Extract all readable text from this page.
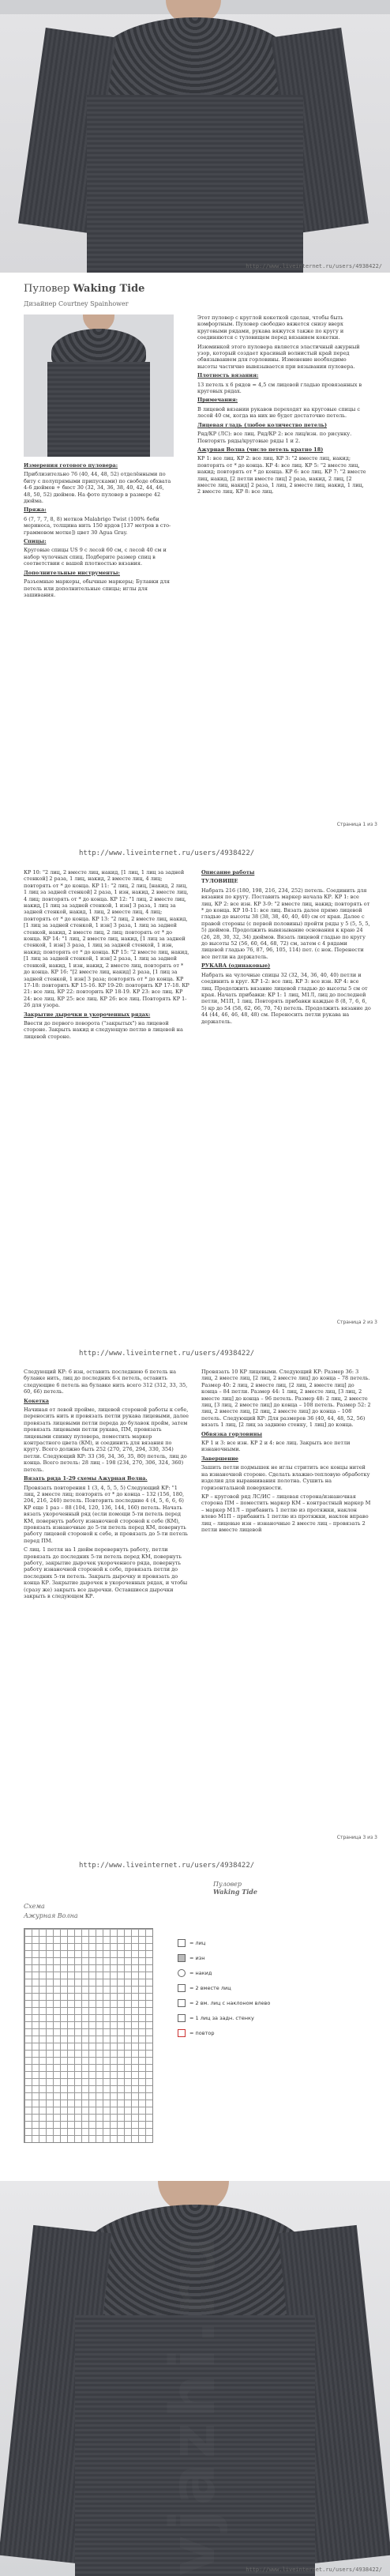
http://www.liveinternet.ru/users/4938422/
Пуловер Waking Tide
Дизайнер Courtney Spainhower

Измерения готового пуловера:

Приблизительно 76 (40, 44, 48, 52) отделёнными по биту с полупрямыми припусками) по свободе обхвата 4-6 дюймов + бюст 30 (32, 34, 36, 38, 40, 42, 44, 46, 48, 50, 52) дюймов. На фото пуловер в размере 42 дюйма.

Пряжа:

6 (7, 7, 7, 8, 8) мотков Malabrigo Twist (100% беби мериноса, толщина нить 150 ярдов [137 метров в сто-граммовом мотке]) цвет 30 Agua Gray.

Спицы:

Круговые спицы US 9 с лесой 60 см, с лесой 40 см и набор чулочных спиц. Подберите размер спиц в соответствии с вашей плотностью вязания.

Дополнительные инструменты:

Разъемные маркеры, обычные маркеры; Булавки для петель или дополнительные спицы; иглы для зашивания.

Этот пуловер с круглой кокеткой сделан, чтобы быть комфортным. Пуловер свободно вяжется снизу вверх круговыми рядами, рукава вяжутся также по кругу и соединяются с туловищем перед вязанием кокетки.

Изюминкой этого пуловера является эластичный ажурный узор, который создает красивый волнистый край перед обвязыванием для горловины. Изменение необходимо высоты частично вывязывается при вязывании пуловера.

Плотность вязания:

13 петель х 6 рядов = 4,5 см лицевой гладью провязанных в круговых рядах.

Примечания:

В лицевой вязании рукавов переходят на круговые спицы с лесой 40 см, когда на них не будет достаточно петель.

Лицевая гладь (любое количество петель)

Ряд/КР (ЛС): все лиц. Ряд/КР 2: все лиц/изн. по рисунку. Повторять ряды/круговые ряды 1 и 2.

Ажурная Волна (число петель кратно 18)

КР 1: все лиц. КР 2: все лиц. КР 3: "2 вместе лиц, накид; повторять от * до конца. КР 4: все лиц. КР 5: "2 вместе лиц, накид; повторять от * до конца. КР 6: все лиц. КР 7: "2 вместе лиц, накид, [2 петли вместе лиц] 2 раза, накид, 2 лиц, [2 вместе лиц, накид] 2 раза, 1 лиц, 2 вместе лиц, накид, 1 лиц, 2 вместе лиц. КР 8: все лиц.

Страница 1 из 3
http://www.liveinternet.ru/users/4938422/

КР 10: "2 лиц, 2 вместе лиц, накид, [1 лиц, 1 лиц за задней стенкой] 2 раза, 1 лиц, накид, 2 вместе лиц, 4 лиц; повторять от * до конца. КР 11: "2 лиц, 2 лиц, [накид, 2 лиц, 1 лиц за задней стенкой] 2 раза, 1 изн, накид, 2 вместе лиц, 4 лиц; повторять от * до конца. КР 12: "1 лиц, 2 вместе лиц, накид, [1 лиц за задней стенкой, 1 изн] 3 раза, 1 лиц за задней стенкой, накид, 1 лиц, 2 вместе лиц, 4 лиц; повторять от * до конца. КР 13: "2 лиц, 2 вместе лиц, накид, [1 лиц за задней стенкой, 1 изн] 3 раза, 1 лиц за задней стенкой, накид, 2 вместе лиц, 2 лиц; повторять от * до конца. КР 14: "1 лиц, 2 вместе лиц, накид, [1 лиц за задней стенкой, 1 изн] 3 раза, 1 лиц за задней стенкой, 1 изн, накид; повторять от * до конца. КР 15: "2 вместе лиц, накид, [1 лиц за задней стенкой, 1 изн] 2 раза, 1 лиц за задней стенкой, накид, 1 изн, накид, 2 вместе лиц, повторять от * до конца. КР 16: "[2 вместе лиц, накид] 2 раза, [1 лиц за задней стенкой, 1 изн] 3 раза; повторять от * до конца. КР 17-18: повторить КР 15-16. КР 19-20: повторить КР 17-18. КР 21: все лиц. КР 22: повторить КР 18-19. КР 23: все лиц. КР 24: все лиц. КР 25: все лиц. КР 26: все лиц. Повторять КР 1-26 для узора.

Закрытие дырочки в укороченных рядах:

Ввести до первого поворота ("закрытых") на лицевой стороне. Закрыть накид и следующую петлю в лицевой на лицевой стороне.

Описание работы

ТУЛОВИЩЕ

Набрать 216 (180, 198, 216, 234, 252) петель. Соединить для вязания по кругу. Поставить маркер начала КР. КР 1: все лиц. КР 2: все изн. КР 3-9: "2 вместе лиц, накид; повторять от * до конца. КР 10-11: все лиц. Вязать далее прямо лицевой гладью до высоты 38 (38, 38, 40, 40, 40) см от края. Далее с правой стороны (с первой половины) пройти ряды у 5 (5, 5, 5, 5) дюймов. Продолжить вывязывание основания к краю 24 (26, 28, 30, 32, 34) дюймов. Вязать лицевой гладью по кругу до высоты 52 (56, 60, 64, 68, 72) см, затем с 4 рядами лицевой гладью 76, 87, 96, 105, 114) пет. (с нок. Перенести все петли на держатель.

РУКАВА (одинаковые)

Набрать на чулочные спицы 32 (32, 34, 36, 40, 40) петли и соединить в круг. КР 1-2: все лиц. КР 3: все изн. КР 4: все лиц. Продолжить вязание лицевой гладью до высоты 5 см от края. Начать прибавки: КР 1: 1 лиц, М1Л, лиц до последней петли, М1П, 1 лиц. Повторять прибавки каждые 8 (8, 7, 6, 6, 5) кр до 54 (58, 62, 66, 70, 74) петель. Продолжить вязание до 44 (44, 46, 46, 48, 48) см. Переносить петли рукава на держатель.

Страница 2 из 3
http://www.liveinternet.ru/users/4938422/

Следующий КР: 6 изн, оставить последнюю 6 петель на булавке нить, лиц до последних 6-х петель, оставить следующие 6 петель на булавке нить всего 312 (312, 33, 35, 60, 66) петель.

Кокетка

Начиная от левой пройме, лицевой стороной работы к себе, переносить нить и провязать петли рукава лицевыми, далее провязать лицевыми петли переда до булавок пройм, затем провязать лицевыми петли рукава, ПМ, провязать лицевыми спинку пуловера, поместить маркер контрастного цвета (КМ), и соединить для вязания по кругу. Всего должно быть 252 (270, 276, 294, 330, 354) петли. Следующий КР: 33 (36, 34, 36, 35, 80) петель, лиц до конца. Всего петель: 28 лиц – 198 (234, 270, 306, 324, 360) петель.

Вязать ряда 1-29 схемы Ажурная Волна.

Провязать повторения 1 (3, 4, 5, 5, 5) Следующий КР: "1 лиц, 2 вместе лиц; повторять от * до конца – 132 (156, 180, 204, 216, 240) петель. Повторить последние 4 (4, 5, 6, 6, 6) КР еще 1 раз – 88 (104, 120, 136, 144, 160) петель. Начать вязать укороченный ряд (если помощи 5-ти петель перед КМ, повернуть работу изнаночной стороной к себе (КМ), провязать изнаночные до 5-ти петель перед КМ, повернуть работу лицевой стороной к себе, и провязать до 5-ти петель перед ПМ.

С лиц. 1 петля на 1 дюйм перевернуть работу, петли провязать до последних 5-ти петель перед КМ, повернуть работу, закрытие дырочек укороченного ряда, повернуть работу изнаночной стороной к себе, провязать петли до последних 5-ти петель. Закрыть дырочку и провязать до конца КР. Закрытие дырочек в укороченных рядах, и чтобы (сразу же) закрыть все дырочки. Оставшиеся дырочки закрыть в следующем КР.

Провязать 10 КР лицевыми. Следующий КР: Размер 36: 3 лиц, 2 вместе лиц, [2 лиц, 2 вместе лиц] до конца – 78 петель. Размер 40: 2 лиц, 2 вместе лиц, [2 лиц, 2 вместе лиц] до конца – 84 петли. Размер 44: 1 лиц, 2 вместе лиц, [3 лиц, 2 вместе лиц] до конца – 96 петель. Размер 48: 2 лиц, 2 вместе лиц, [3 лиц, 2 вместе лиц] до конца – 108 петель. Размер 52: 2 лиц, 2 вместе лиц, [2 лиц, 2 вместе лиц] до конца – 108 петель. Следующий КР: Для размеров 36 (40, 44, 48, 52, 56) вязать 1 лиц, [2 лиц за заднюю стенку, 1 лиц] до конца.

Обвязка горловины

КР 1 и 3: все изн. КР 2 и 4: все лиц. Закрыть все петли изнаночными.

Завершение

Зашить петли подмышек не иглы стритить все концы нитей на изнаночной стороне. Сделать влажно-тепловую обработку изделия для выравнивания полотна. Сушить на горизонтальной поверхности.

КР – круговой ряд ЛС/ИС – лицевая сторона/изнаночная сторона ПМ – поместить маркер КМ – контрастный маркер М – маркер М1Л – прибавить 1 петлю из протяжки, наклон влево М1П – прибавить 1 петлю из протяжки, наклон вправо лиц – лицевые изн – изнаночные 2 вместе лиц – провязать 2 петли вместе лицевой

Страница 3 из 3
http://www.liveinternet.ru/users/4938422/
Пуловер
Waking Tide
Схема
Ажурная Волна
= лиц
= изн
= накид
= 2 вместе лиц
= 2 вм. лиц с наклоном влево
= 1 лиц за задн. стенку
= повтор
http://www.liveinternet.ru/users/4938422/
